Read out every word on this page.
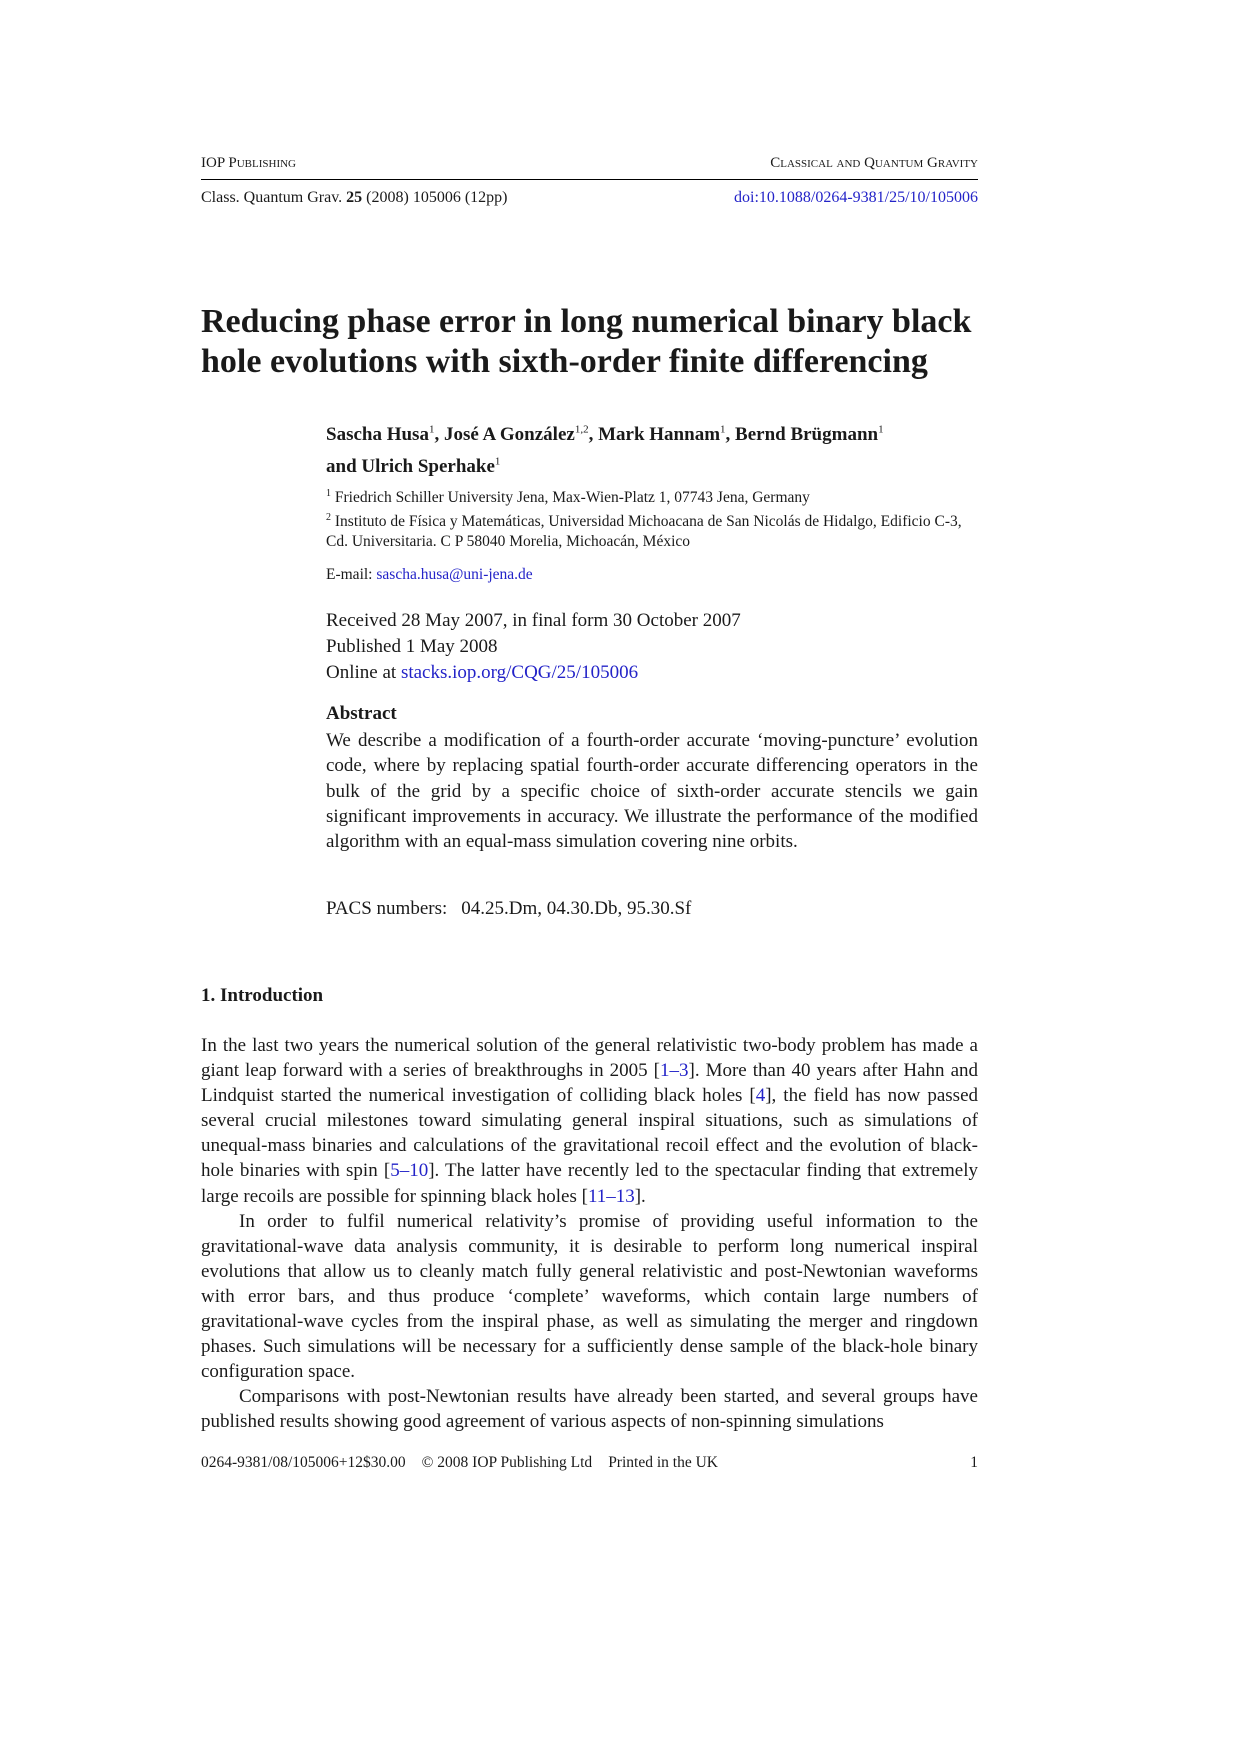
IOP Publishing	Classical and Quantum Gravity
Class. Quantum Grav. 25 (2008) 105006 (12pp)	doi:10.1088/0264-9381/25/10/105006
Reducing phase error in long numerical binary black hole evolutions with sixth-order finite differencing
Sascha Husa$^1$, José A González$^{1,2}$, Mark Hannam$^1$, Bernd Brügmann$^1$
and Ulrich Sperhake$^1$
$^1$ Friedrich Schiller University Jena, Max-Wien-Platz 1, 07743 Jena, Germany
$^2$ Instituto de Física y Matemáticas, Universidad Michoacana de San Nicolás de Hidalgo, Edificio C-3, Cd. Universitaria. C P 58040 Morelia, Michoacán, México
E-mail: sascha.husa@uni-jena.de
Received 28 May 2007, in final form 30 October 2007
Published 1 May 2008
Online at stacks.iop.org/CQG/25/105006
Abstract

We describe a modification of a fourth-order accurate ‘moving-puncture’ evolution code, where by replacing spatial fourth-order accurate differencing operators in the bulk of the grid by a specific choice of sixth-order accurate stencils we gain significant improvements in accuracy. We illustrate the performance of the modified algorithm with an equal-mass simulation covering nine orbits.

PACS numbers: 04.25.Dm, 04.30.Db, 95.30.Sf
1. Introduction

In the last two years the numerical solution of the general relativistic two-body problem has made a giant leap forward with a series of breakthroughs in 2005 [1–3]. More than 40 years after Hahn and Lindquist started the numerical investigation of colliding black holes [4], the field has now passed several crucial milestones toward simulating general inspiral situations, such as simulations of unequal-mass binaries and calculations of the gravitational recoil effect and the evolution of black-hole binaries with spin [5–10]. The latter have recently led to the spectacular finding that extremely large recoils are possible for spinning black holes [11–13].

In order to fulfil numerical relativity’s promise of providing useful information to the gravitational-wave data analysis community, it is desirable to perform long numerical inspiral evolutions that allow us to cleanly match fully general relativistic and post-Newtonian waveforms with error bars, and thus produce ‘complete’ waveforms, which contain large numbers of gravitational-wave cycles from the inspiral phase, as well as simulating the merger and ringdown phases. Such simulations will be necessary for a sufficiently dense sample of the black-hole binary configuration space.

Comparisons with post-Newtonian results have already been started, and several groups have published results showing good agreement of various aspects of non-spinning simulations

0264-9381/08/105006+12$30.00 © 2008 IOP Publishing Ltd Printed in the UK	1
